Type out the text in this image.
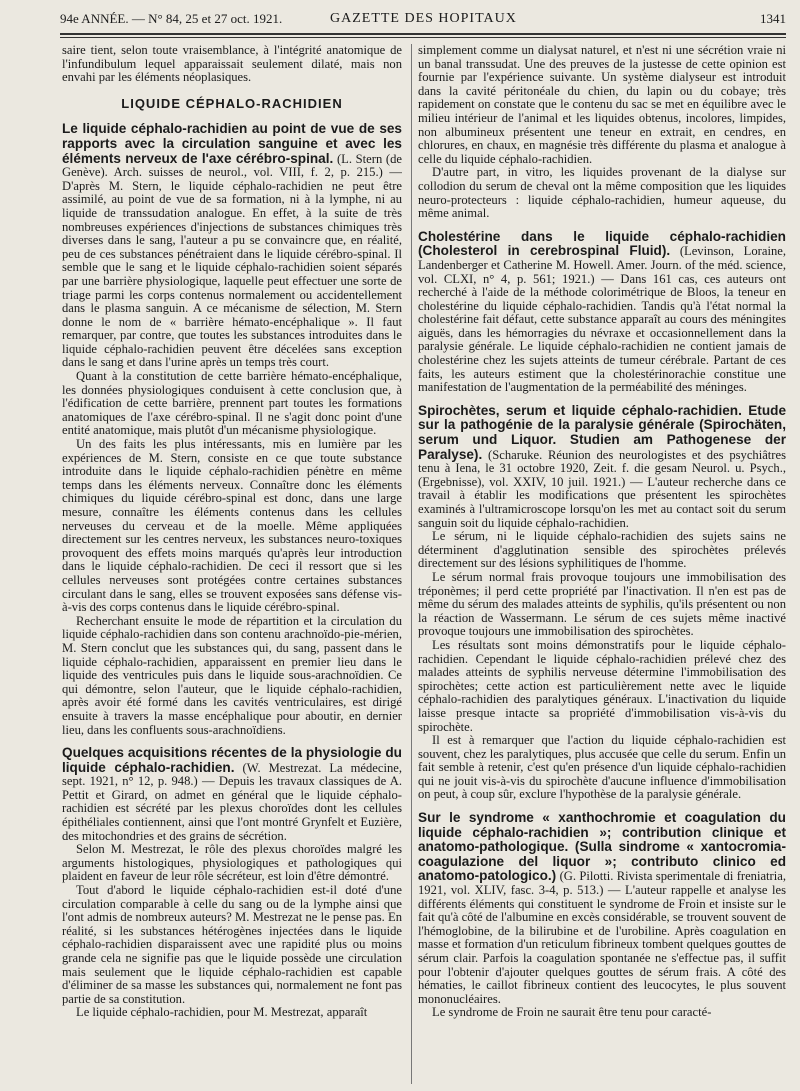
94e ANNÉE. — N° 84, 25 et 27 oct. 1921.	GAZETTE DES HOPITAUX	1341

saire tient, selon toute vraisemblance, à l'intégrité anatomique de l'infundibulum lequel apparaissait seulement dilaté, mais non envahi par les éléments néoplasiques.

LIQUIDE CÉPHALO-RACHIDIEN

Le liquide céphalo-rachidien au point de vue de ses rapports avec la circulation sanguine et avec les éléments nerveux de l'axe cérébro-spinal. (L. Stern (de Genève). Arch. suisses de neurol., vol. VIII, f. 2, p. 215.) — D'après M. Stern, le liquide céphalo-rachidien ne peut être assimilé, au point de vue de sa formation, ni à la lymphe, ni au liquide de transsudation analogue. En effet, à la suite de très nombreuses expériences d'injections de substances chimiques très diverses dans le sang, l'auteur a pu se convaincre que, en réalité, peu de ces substances pénétraient dans le liquide cérébro-spinal. Il semble que le sang et le liquide céphalo-rachidien soient séparés par une barrière physiologique, laquelle peut effectuer une sorte de triage parmi les corps contenus normalement ou accidentellement dans le plasma sanguin. A ce mécanisme de sélection, M. Stern donne le nom de « barrière hémato-encéphalique ». Il faut remarquer, par contre, que toutes les substances introduites dans le liquide céphalo-rachidien peuvent être décelées sans exception dans le sang et dans l'urine après un temps très court.

Quant à la constitution de cette barrière hémato-encéphalique, les données physiologiques conduisent à cette conclusion que, à l'édification de cette barrière, prennent part toutes les formations anatomiques de l'axe cérébro-spinal. Il ne s'agit donc point d'une entité anatomique, mais plutôt d'un mécanisme physiologique.

Un des faits les plus intéressants, mis en lumière par les expériences de M. Stern, consiste en ce que toute substance introduite dans le liquide céphalo-rachidien pénètre en même temps dans les éléments nerveux. Connaître donc les éléments chimiques du liquide cérébro-spinal est donc, dans une large mesure, connaître les éléments contenus dans les cellules nerveuses du cerveau et de la moelle. Même appliquées directement sur les centres nerveux, les substances neuro-toxiques provoquent des effets moins marqués qu'après leur introduction dans le liquide céphalo-rachidien. De ceci il ressort que si les cellules nerveuses sont protégées contre certaines substances circulant dans le sang, elles se trouvent exposées sans défense vis-à-vis des corps contenus dans le liquide cérébro-spinal.

Recherchant ensuite le mode de répartition et la circulation du liquide céphalo-rachidien dans son contenu arachnoïdo-pie-mérien, M. Stern conclut que les substances qui, du sang, passent dans le liquide céphalo-rachidien, apparaissent en premier lieu dans le liquide des ventricules puis dans le liquide sous-arachnoïdien. Ce qui démontre, selon l'auteur, que le liquide céphalo-rachidien, après avoir été formé dans les cavités ventriculaires, est dirigé ensuite à travers la masse encéphalique pour aboutir, en dernier lieu, dans les confluents sous-arachnoïdiens.

Quelques acquisitions récentes de la physiologie du liquide céphalo-rachidien. (W. Mestrezat. La médecine, sept. 1921, n° 12, p. 948.) — Depuis les travaux classiques de A. Pettit et Girard, on admet en général que le liquide céphalo-rachidien est sécrété par les plexus choroïdes dont les cellules épithéliales contiennent, ainsi que l'ont montré Grynfelt et Euzière, des mitochondries et des grains de sécrétion.

Selon M. Mestrezat, le rôle des plexus choroïdes malgré les arguments histologiques, physiologiques et pathologiques qui plaident en faveur de leur rôle sécréteur, est loin d'être démontré.

Tout d'abord le liquide céphalo-rachidien est-il doté d'une circulation comparable à celle du sang ou de la lymphe ainsi que l'ont admis de nombreux auteurs? M. Mestrezat ne le pense pas. En réalité, si les substances hétérogènes injectées dans le liquide céphalo-rachidien disparaissent avec une rapidité plus ou moins grande cela ne signifie pas que le liquide possède une circulation mais seulement que le liquide céphalo-rachidien est capable d'éliminer de sa masse les substances qui, normalement ne font pas partie de sa constitution.

Le liquide céphalo-rachidien, pour M. Mestrezat, apparaît

simplement comme un dialysat naturel, et n'est ni une sécrétion vraie ni un banal transsudat. Une des preuves de la justesse de cette opinion est fournie par l'expérience suivante. Un système dialyseur est introduit dans la cavité péritonéale du chien, du lapin ou du cobaye; très rapidement on constate que le contenu du sac se met en équilibre avec le milieu intérieur de l'animal et les liquides obtenus, incolores, limpides, non albumineux présentent une teneur en extrait, en cendres, en chlorures, en chaux, en magnésie très différente du plasma et analogue à celle du liquide céphalo-rachidien.

D'autre part, in vitro, les liquides provenant de la dialyse sur collodion du serum de cheval ont la même composition que les liquides neuro-protecteurs : liquide céphalo-rachidien, humeur aqueuse, du même animal.

Cholestérine dans le liquide céphalo-rachidien (Cholesterol in cerebrospinal Fluid). (Levinson, Loraine, Landenberger et Catherine M. Howell. Amer. Journ. of the méd. science, vol. CLXI, n° 4, p. 561; 1921.) — Dans 161 cas, ces auteurs ont recherché à l'aide de la méthode colorimétrique de Bloos, la teneur en cholestérine du liquide céphalo-rachidien. Tandis qu'à l'état normal la cholestérine fait défaut, cette substance apparaît au cours des méningites aiguës, dans les hémorragies du névraxe et occasionnellement dans la paralysie générale. Le liquide céphalo-rachidien ne contient jamais de cholestérine chez les sujets atteints de tumeur cérébrale. Partant de ces faits, les auteurs estiment que la cholestérinorachie constitue une manifestation de l'augmentation de la perméabilité des méninges.

Spirochètes, serum et liquide céphalo-rachidien. Etude sur la pathogénie de la paralysie générale (Spirochäten, serum und Liquor. Studien am Pathogenese der Paralyse). (Scharuke. Réunion des neurologistes et des psychiâtres tenu à Iena, le 31 octobre 1920, Zeit. f. die gesam Neurol. u. Psych., (Ergebnisse), vol. XXIV, 10 juil. 1921.) — L'auteur recherche dans ce travail à établir les modifications que présentent les spirochètes examinés à l'ultramicroscope lorsqu'on les met au contact soit du serum sanguin soit du liquide céphalo-rachidien.

Le sérum, ni le liquide céphalo-rachidien des sujets sains ne déterminent d'agglutination sensible des spirochètes prélevés directement sur des lésions syphilitiques de l'homme.

Le sérum normal frais provoque toujours une immobilisation des tréponèmes; il perd cette propriété par l'inactivation. Il n'en est pas de même du sérum des malades atteints de syphilis, qu'ils présentent ou non la réaction de Wassermann. Le sérum de ces sujets même inactivé provoque toujours une immobilisation des spirochètes.

Les résultats sont moins démonstratifs pour le liquide céphalo-rachidien. Cependant le liquide céphalo-rachidien prélevé chez des malades atteints de syphilis nerveuse détermine l'immobilisation des spirochètes; cette action est particulièrement nette avec le liquide céphalo-rachidien des paralytiques généraux. L'inactivation du liquide laisse presque intacte sa propriété d'immobilisation vis-à-vis du spirochète.

Il est à remarquer que l'action du liquide céphalo-rachidien est souvent, chez les paralytiques, plus accusée que celle du serum. Enfin un fait semble à retenir, c'est qu'en présence d'un liquide céphalo-rachidien qui ne jouit vis-à-vis du spirochète d'aucune influence d'immobilisation on peut, à coup sûr, exclure l'hypothèse de la paralysie générale.

Sur le syndrome « xanthochromie et coagulation du liquide céphalo-rachidien »; contribution clinique et anatomo-pathologique. (Sulla sindrome « xantocromia-coagulazione del liquor »; contributo clinico ed anatomo-patologico.) (G. Pilotti. Rivista sperimentale di freniatria, 1921, vol. XLIV, fasc. 3-4, p. 513.) — L'auteur rappelle et analyse les différents éléments qui constituent le syndrome de Froin et insiste sur le fait qu'à côté de l'albumine en excès considérable, se trouvent souvent de l'hémoglobine, de la bilirubine et de l'urobiline. Après coagulation en masse et formation d'un reticulum fibrineux tombent quelques gouttes de sérum clair. Parfois la coagulation spontanée ne s'effectue pas, il suffit pour l'obtenir d'ajouter quelques gouttes de sérum frais. A côté des hématies, le caillot fibrineux contient des leucocytes, le plus souvent mononucléaires.

Le syndrome de Froin ne saurait être tenu pour caracté-
